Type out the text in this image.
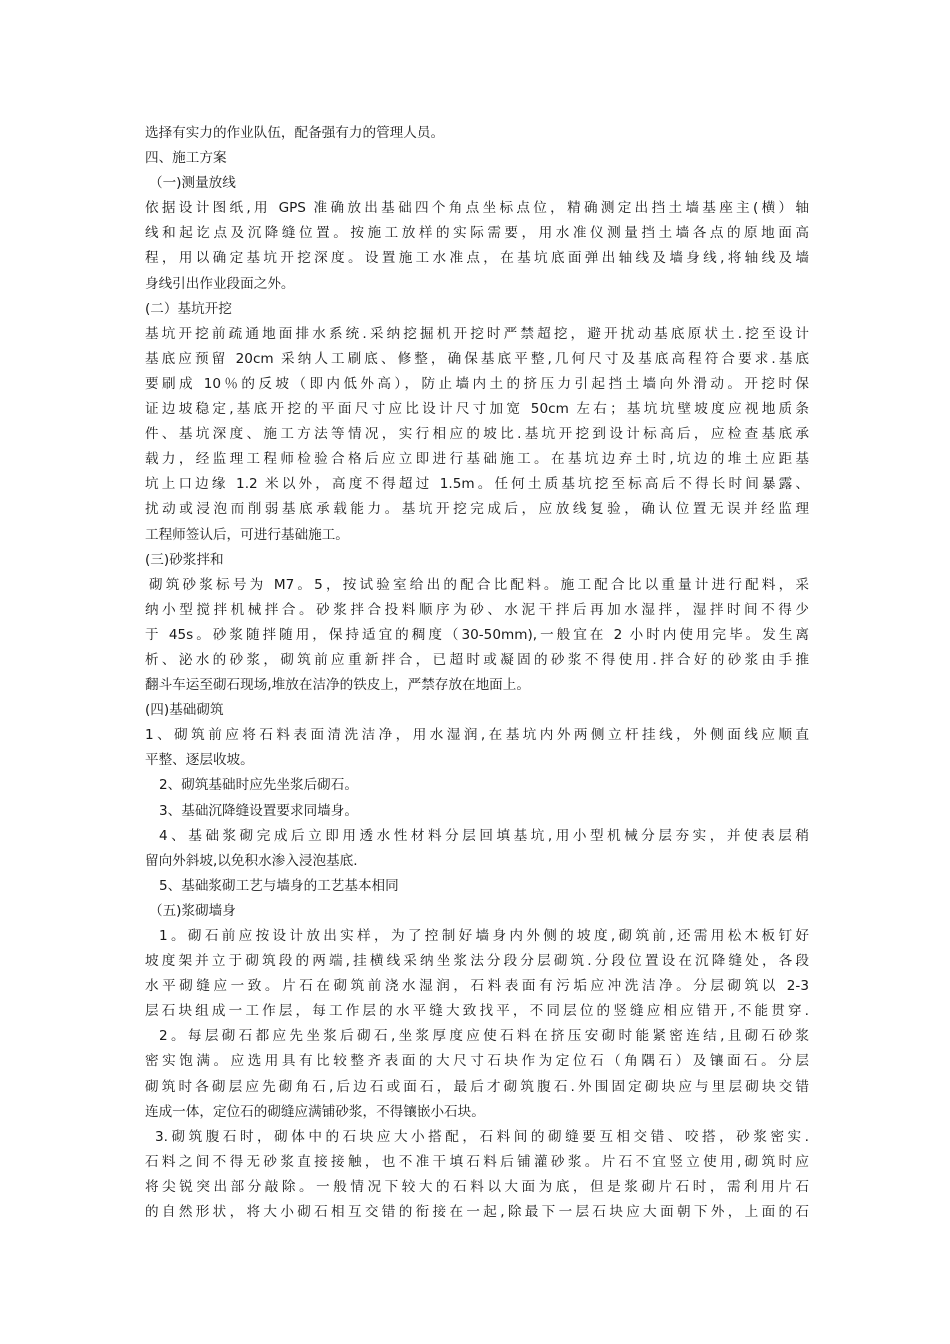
选择有实力的作业队伍，配备强有力的管理人员。
四、施工方案
（一)测量放线
依据设计图纸,用 GPS 准确放出基础四个角点坐标点位，精确测定出挡土墙基座主(横）轴
线和起讫点及沉降缝位置。按施工放样的实际需要，用水准仪测量挡土墙各点的原地面高
程，用以确定基坑开挖深度。设置施工水准点，在基坑底面弹出轴线及墙身线,将轴线及墙
身线引出作业段面之外。
(二）基坑开挖
基坑开挖前疏通地面排水系统.采纳挖掘机开挖时严禁超挖，避开扰动基底原状土.挖至设计
基底应预留 20cm 采纳人工刷底、修整，确保基底平整,几何尺寸及基底高程符合要求.基底
要刷成 10％的反坡（即内低外高），防止墙内土的挤压力引起挡土墙向外滑动。开挖时保
证边坡稳定,基底开挖的平面尺寸应比设计尺寸加宽 50cm 左右；基坑坑壁坡度应视地质条
件、基坑深度、施工方法等情况，实行相应的坡比.基坑开挖到设计标高后，应检查基底承
载力，经监理工程师检验合格后应立即进行基础施工。在基坑边弃土时,坑边的堆土应距基
坑上口边缘 1.2 米以外，高度不得超过 1.5m。任何土质基坑挖至标高后不得长时间暴露、
扰动或浸泡而削弱基底承载能力。基坑开挖完成后，应放线复验，确认位置无误并经监理
工程师签认后，可进行基础施工。
(三)砂浆拌和
砌筑砂浆标号为 M7。5，按试验室给出的配合比配料。施工配合比以重量计进行配料，采
纳小型搅拌机械拌合。砂浆拌合投料顺序为砂、水泥干拌后再加水湿拌，湿拌时间不得少
于 45s。砂浆随拌随用，保持适宜的稠度（30-50mm),一般宜在 2 小时内使用完毕。发生离
析、泌水的砂浆，砌筑前应重新拌合，已超时或凝固的砂浆不得使用.拌合好的砂浆由手推
翻斗车运至砌石现场,堆放在洁净的铁皮上，严禁存放在地面上。
(四)基础砌筑
1、砌筑前应将石料表面清洗洁净，用水湿润,在基坑内外两侧立杆挂线，外侧面线应顺直
平整、逐层收坡。
2、砌筑基础时应先坐浆后砌石。
3、基础沉降缝设置要求同墙身。
4、基础浆砌完成后立即用透水性材料分层回填基坑,用小型机械分层夯实，并使表层稍
留向外斜坡,以免积水渗入浸泡基底.
5、基础浆砌工艺与墙身的工艺基本相同
（五)浆砌墙身
1。砌石前应按设计放出实样，为了控制好墙身内外侧的坡度,砌筑前,还需用松木板钉好
坡度架并立于砌筑段的两端,挂横线采纳坐浆法分段分层砌筑.分段位置设在沉降缝处，各段
水平砌缝应一致。片石在砌筑前浇水湿润，石料表面有污垢应冲洗洁净。分层砌筑以 2-3
层石块组成一工作层，每工作层的水平缝大致找平，不同层位的竖缝应相应错开,不能贯穿.
2。每层砌石都应先坐浆后砌石,坐浆厚度应使石料在挤压安砌时能紧密连结,且砌石砂浆
密实饱满。应选用具有比较整齐表面的大尺寸石块作为定位石（角隅石）及镶面石。分层
砌筑时各砌层应先砌角石,后边石或面石，最后才砌筑腹石.外围固定砌块应与里层砌块交错
连成一体，定位石的砌缝应满铺砂浆，不得镶嵌小石块。
3.砌筑腹石时，砌体中的石块应大小搭配，石料间的砌缝要互相交错、咬搭，砂浆密实.
石料之间不得无砂浆直接接触，也不准干填石料后铺灌砂浆。片石不宜竖立使用,砌筑时应
将尖锐突出部分敲除。一般情况下较大的石料以大面为底，但是浆砌片石时，需利用片石
的自然形状，将大小砌石相互交错的衔接在一起,除最下一层石块应大面朝下外，上面的石
